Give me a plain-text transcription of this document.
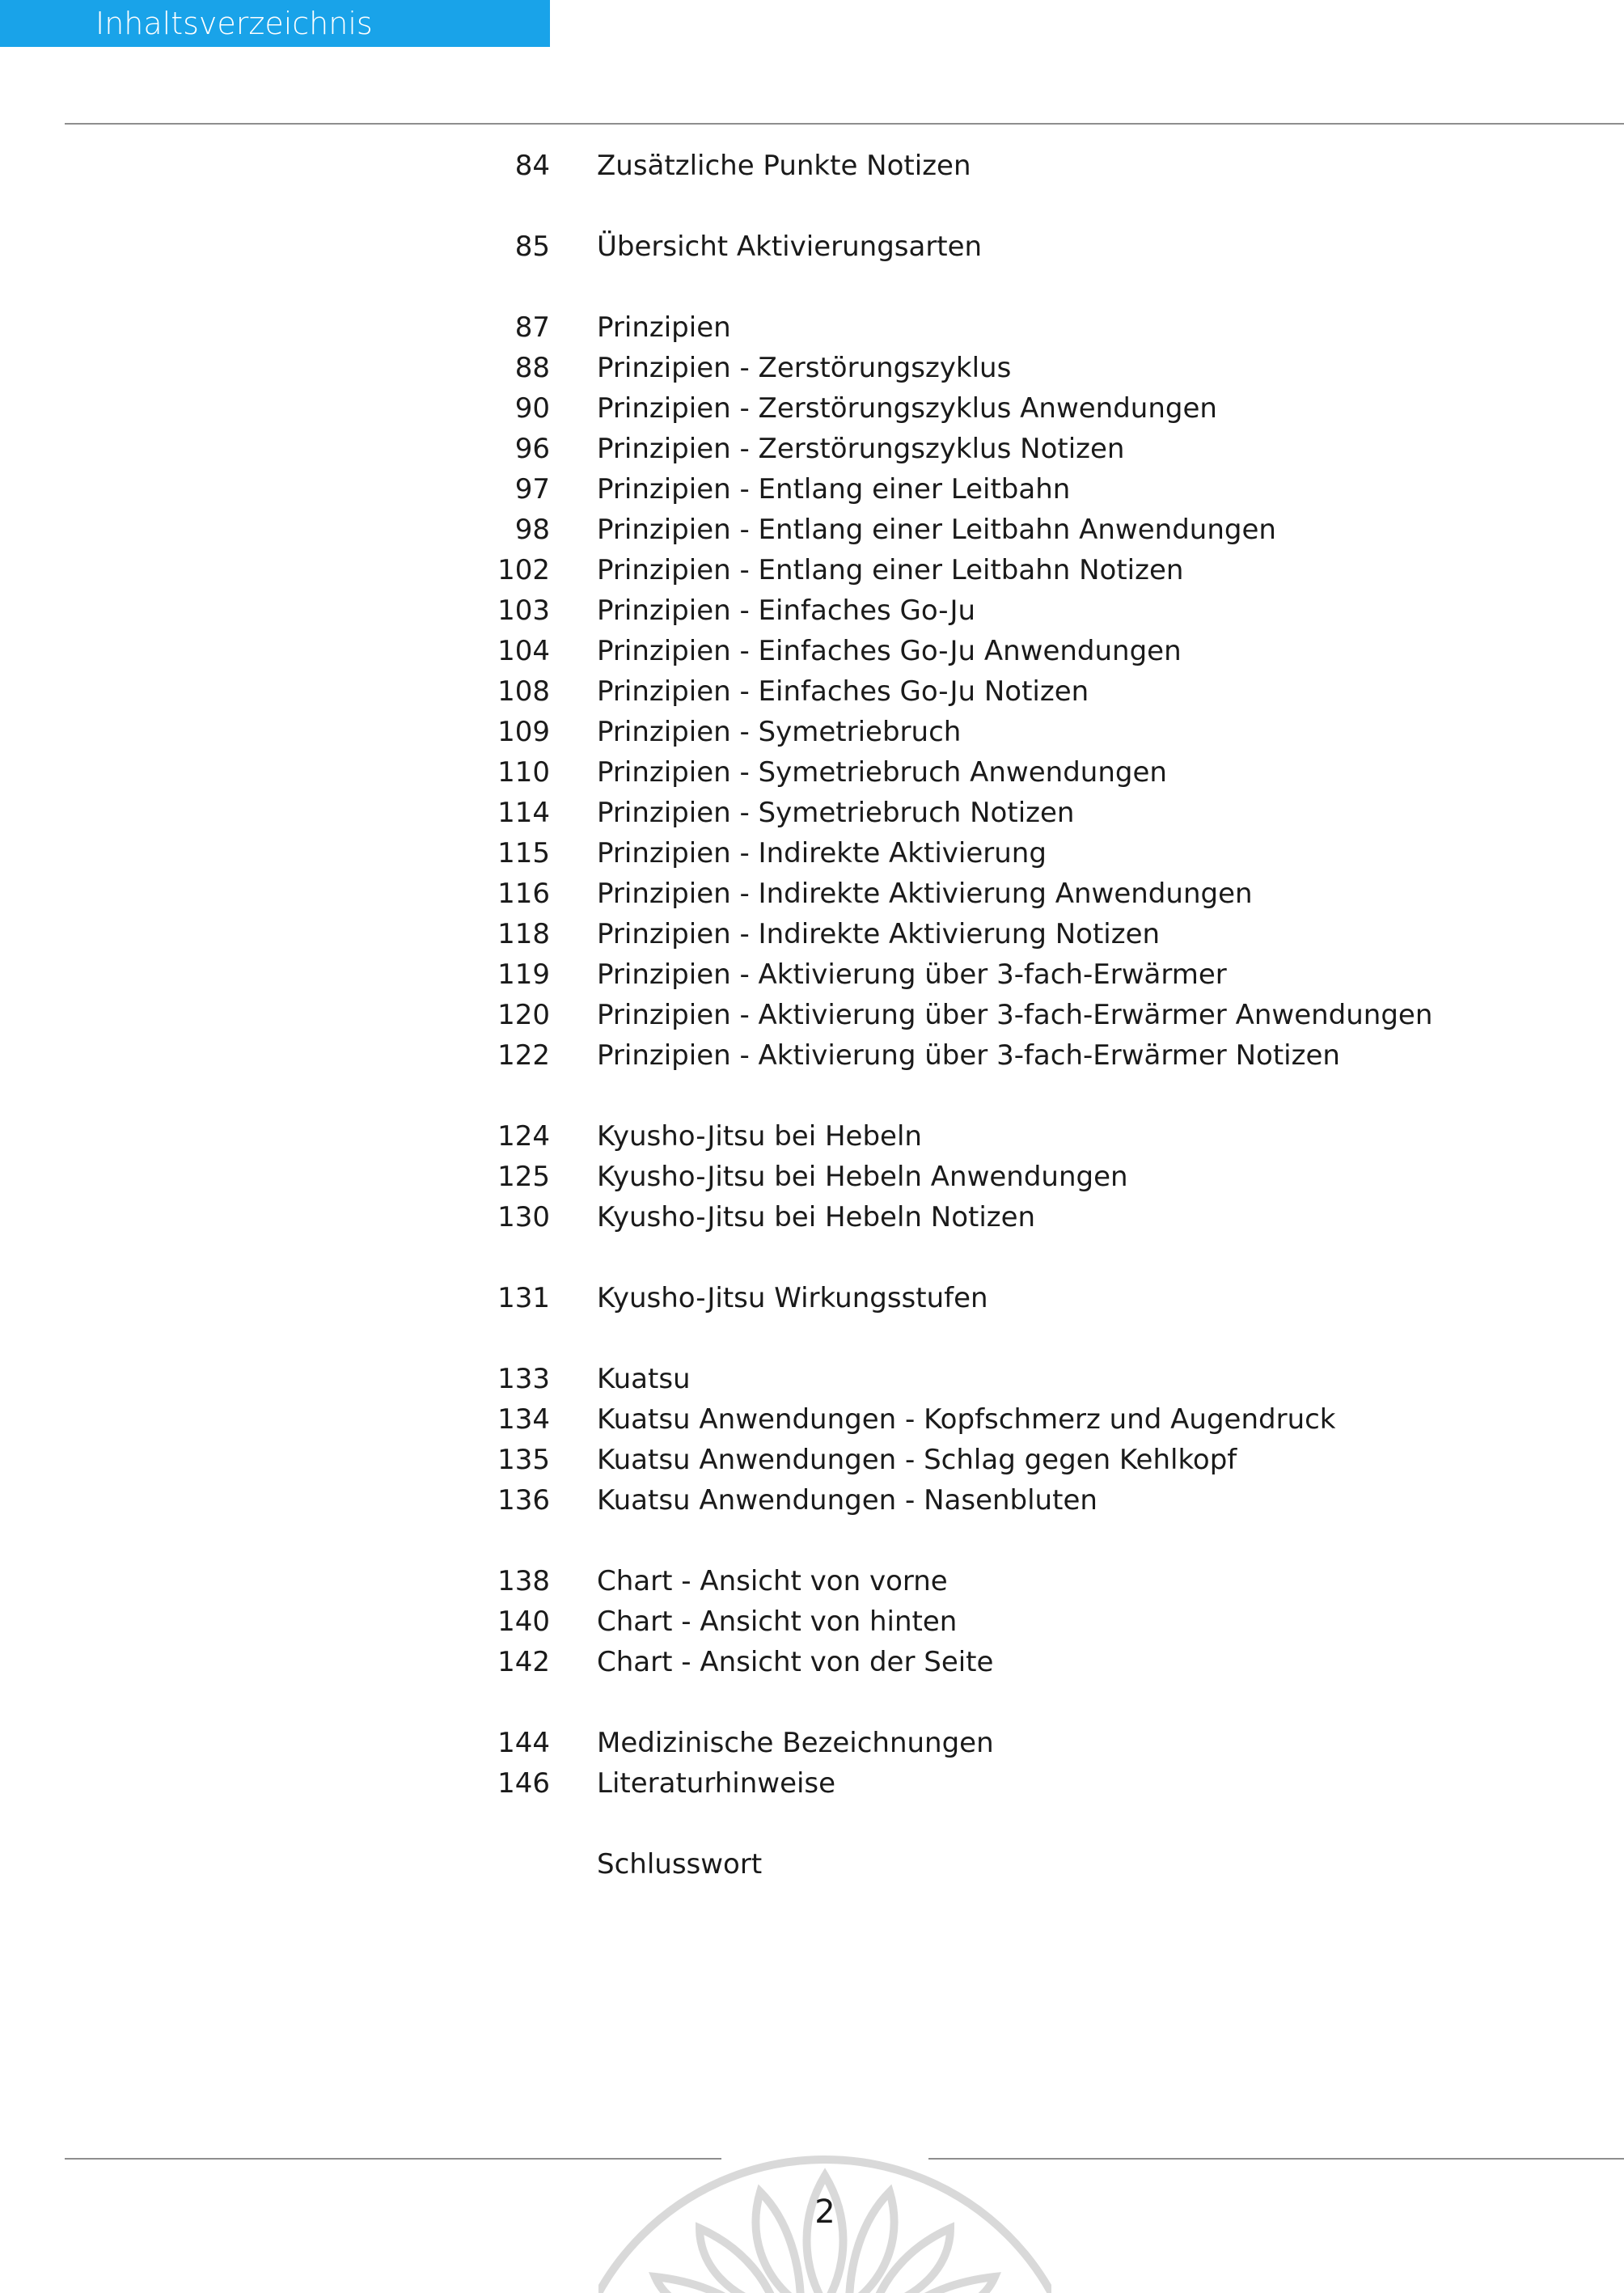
Inhaltsverzeichnis
84 Zusätzliche Punkte Notizen
85 Übersicht Aktivierungsarten
87 Prinzipien
88 Prinzipien - Zerstörungszyklus
90 Prinzipien - Zerstörungszyklus Anwendungen
96 Prinzipien - Zerstörungszyklus Notizen
97 Prinzipien - Entlang einer Leitbahn
98 Prinzipien - Entlang einer Leitbahn Anwendungen
102 Prinzipien - Entlang einer Leitbahn Notizen
103 Prinzipien - Einfaches Go-Ju
104 Prinzipien - Einfaches Go-Ju Anwendungen
108 Prinzipien - Einfaches Go-Ju Notizen
109 Prinzipien - Symetriebruch
110 Prinzipien - Symetriebruch Anwendungen
114 Prinzipien - Symetriebruch Notizen
115 Prinzipien - Indirekte Aktivierung
116 Prinzipien - Indirekte Aktivierung Anwendungen
118 Prinzipien - Indirekte Aktivierung Notizen
119 Prinzipien - Aktivierung über 3-fach-Erwärmer
120 Prinzipien - Aktivierung über 3-fach-Erwärmer Anwendungen
122 Prinzipien - Aktivierung über 3-fach-Erwärmer Notizen
124 Kyusho-Jitsu bei Hebeln
125 Kyusho-Jitsu bei Hebeln Anwendungen
130 Kyusho-Jitsu bei Hebeln Notizen
131 Kyusho-Jitsu Wirkungsstufen
133 Kuatsu
134 Kuatsu Anwendungen - Kopfschmerz und Augendruck
135 Kuatsu Anwendungen - Schlag gegen Kehlkopf
136 Kuatsu Anwendungen - Nasenbluten
138 Chart - Ansicht von vorne
140 Chart - Ansicht von hinten
142 Chart - Ansicht von der Seite
144 Medizinische Bezeichnungen
146 Literaturhinweise
Schlusswort
2
